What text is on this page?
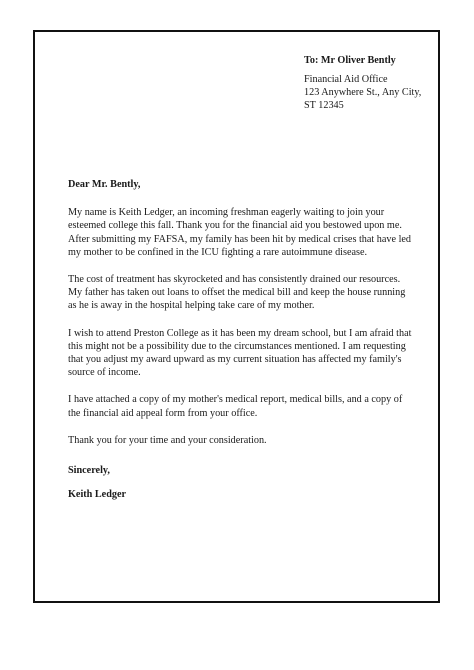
To: Mr Oliver Bently
Financial Aid Office
123 Anywhere St., Any City,
ST 12345

Dear Mr. Bently,

My name is Keith Ledger, an incoming freshman eagerly waiting to join your esteemed college this fall. Thank you for the financial aid you bestowed upon me. After submitting my FAFSA, my family has been hit by medical crises that have led my mother to be confined in the ICU fighting a rare autoimmune disease.

The cost of treatment has skyrocketed and has consistently drained our resources. My father has taken out loans to offset the medical bill and keep the house running as he is away in the hospital helping take care of my mother.

I wish to attend Preston College as it has been my dream school, but I am afraid that this might not be a possibility due to the circumstances mentioned. I am requesting that you adjust my award upward as my current situation has affected my family's source of income.

I have attached a copy of my mother's medical report, medical bills, and a copy of the financial aid appeal form from your office.

Thank you for your time and your consideration.

Sincerely,

Keith Ledger
